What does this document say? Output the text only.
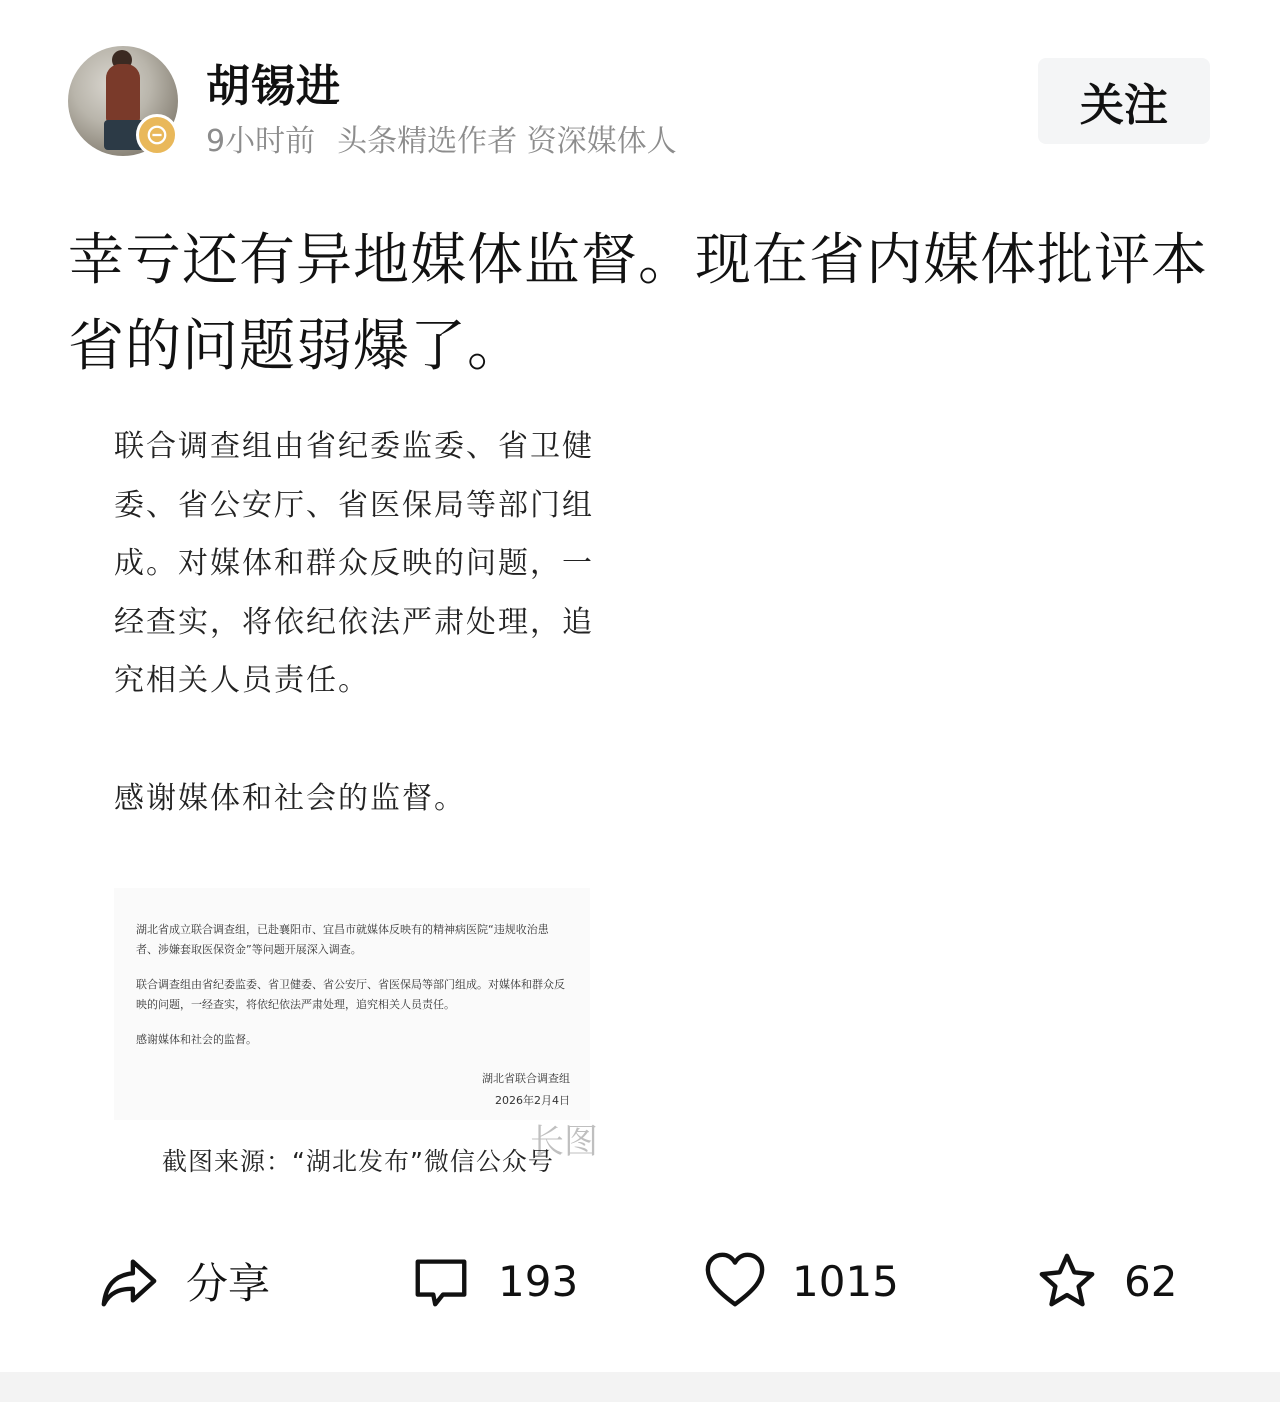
胡锡进
9小时前 头条精选作者 资深媒体人
关注
幸亏还有异地媒体监督。现在省内媒体批评本省的问题弱爆了。
联合调查组由省纪委监委、省卫健委、省公安厅、省医保局等部门组成。对媒体和群众反映的问题，一经查实，将依纪依法严肃处理，追究相关人员责任。
感谢媒体和社会的监督。

湖北省成立联合调查组，已赴襄阳市、宜昌市就媒体反映有的精神病医院“违规收治患者、涉嫌套取医保资金”等问题开展深入调查。

联合调查组由省纪委监委、省卫健委、省公安厅、省医保局等部门组成。对媒体和群众反映的问题，一经查实，将依纪依法严肃处理，追究相关人员责任。

感谢媒体和社会的监督。

湖北省联合调查组
2026年2月4日
长图
截图来源：“湖北发布”微信公众号
分享	193	1015	62
